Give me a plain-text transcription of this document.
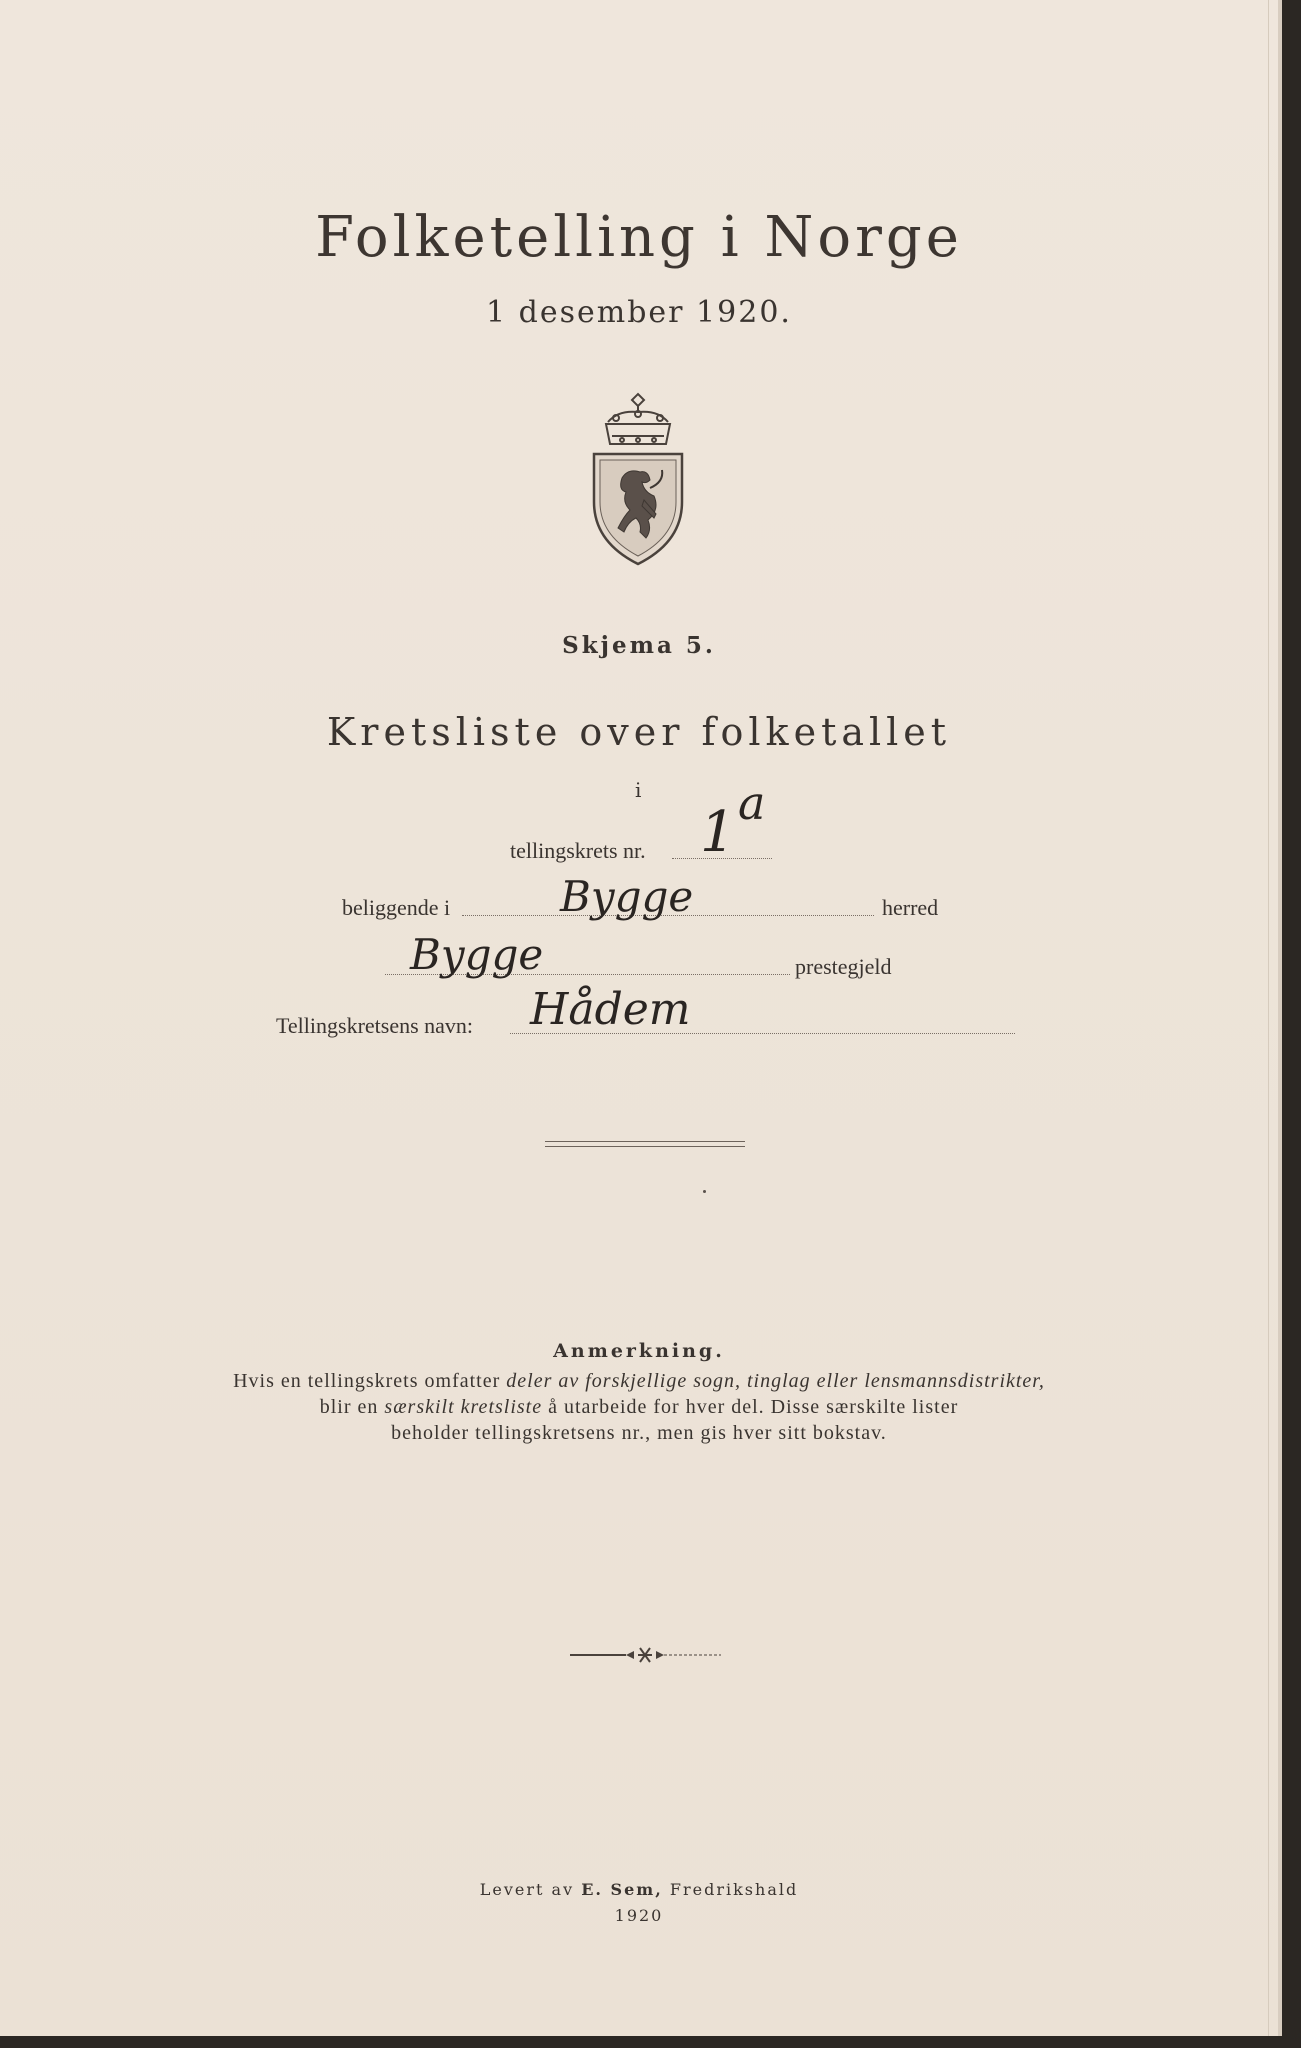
Folketelling i Norge
1 desember 1920.
Skjema 5.
Kretsliste over folketallet
i
tellingskrets nr. 1 a
beliggende i	Bygge	herred
Bygge	prestegjeld
Tellingskretsens navn: Hådem
Anmerkning.
Hvis en tellingskrets omfatter deler av forskjellige sogn, tinglag eller lensmannsdistrikter,
blir en særskilt kretsliste å utarbeide for hver del. Disse særskilte lister
beholder tellingskretsens nr., men gis hver sitt bokstav.
Levert av E. Sem, Fredrikshald
1920
